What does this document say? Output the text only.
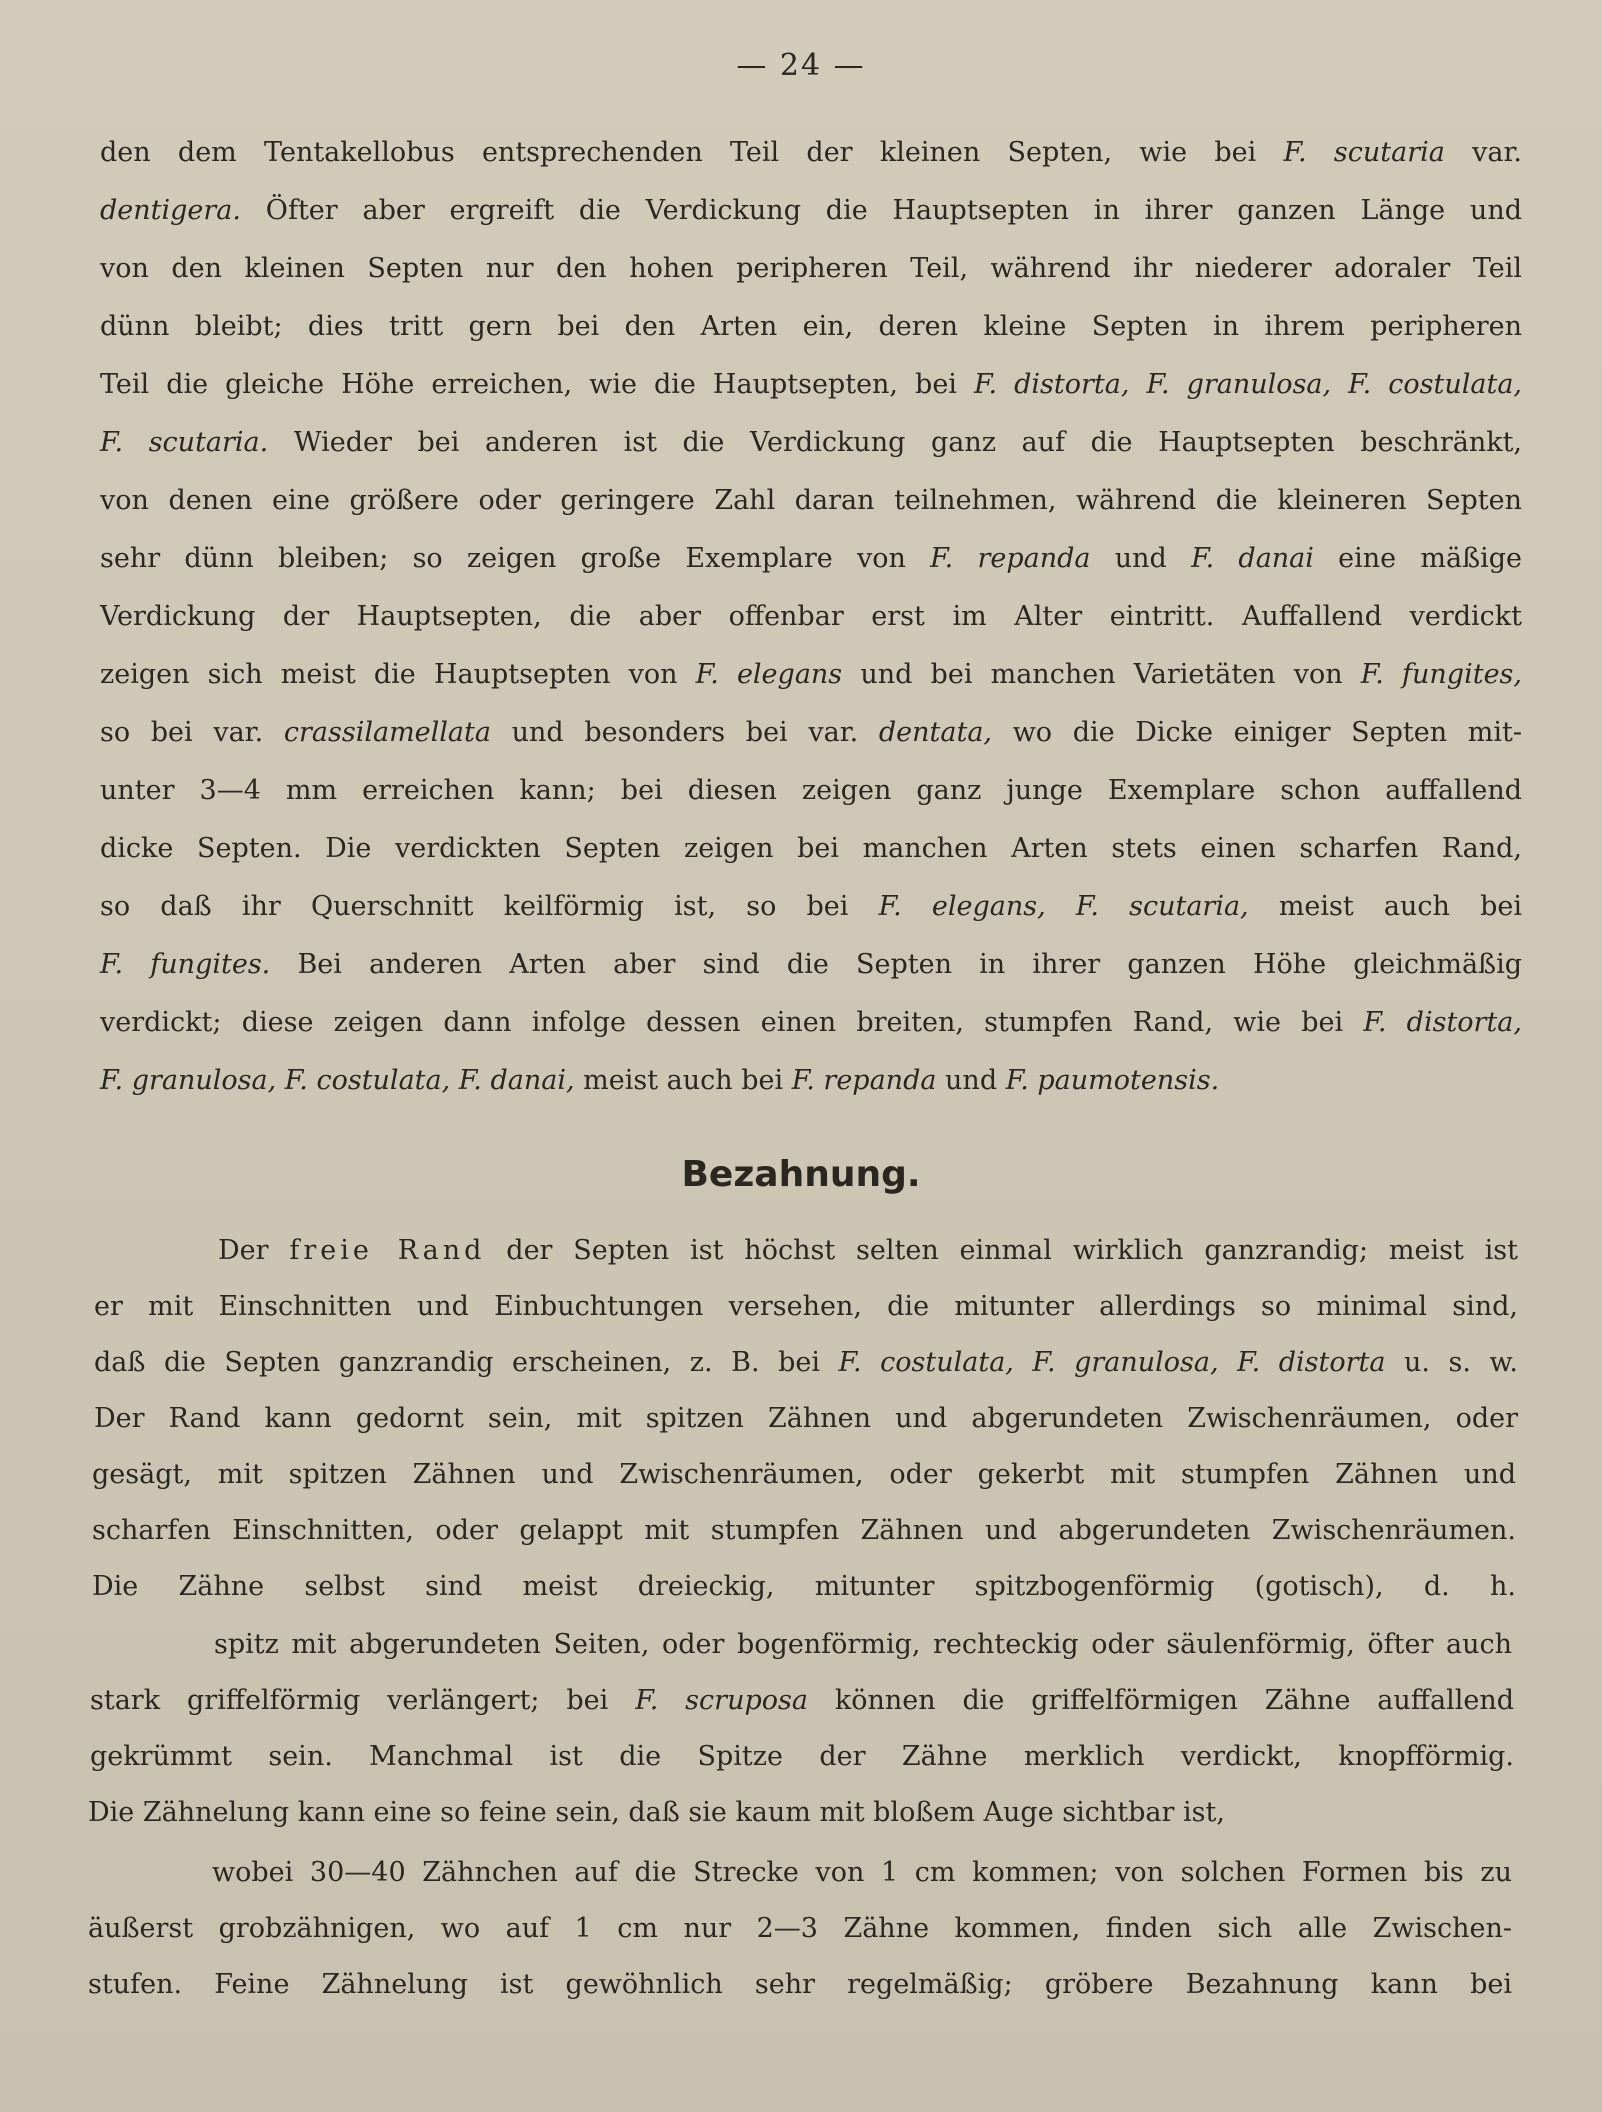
— 24 —
Bezahnung.
den dem Tentakellobus entsprechenden Teil der kleinen Septen, wie bei F. scutaria var.
dentigera. Öfter aber ergreift die Verdickung die Hauptsepten in ihrer ganzen Länge und
von den kleinen Septen nur den hohen peripheren Teil, während ihr niederer adoraler Teil
dünn bleibt; dies tritt gern bei den Arten ein, deren kleine Septen in ihrem peripheren
Teil die gleiche Höhe erreichen, wie die Hauptsepten, bei F. distorta, F. granulosa, F. costulata,
F. scutaria. Wieder bei anderen ist die Verdickung ganz auf die Hauptsepten beschränkt,
von denen eine größere oder geringere Zahl daran teilnehmen, während die kleineren Septen
sehr dünn bleiben; so zeigen große Exemplare von F. repanda und F. danai eine mäßige
Verdickung der Hauptsepten, die aber offenbar erst im Alter eintritt. Auffallend verdickt
zeigen sich meist die Hauptsepten von F. elegans und bei manchen Varietäten von F. fungites,
so bei var. crassilamellata und besonders bei var. dentata, wo die Dicke einiger Septen mit-
unter 3—4 mm erreichen kann; bei diesen zeigen ganz junge Exemplare schon auffallend
dicke Septen. Die verdickten Septen zeigen bei manchen Arten stets einen scharfen Rand,
so daß ihr Querschnitt keilförmig ist, so bei F. elegans, F. scutaria, meist auch bei
F. fungites. Bei anderen Arten aber sind die Septen in ihrer ganzen Höhe gleichmäßig
verdickt; diese zeigen dann infolge dessen einen breiten, stumpfen Rand, wie bei F. distorta,
F. granulosa, F. costulata, F. danai, meist auch bei F. repanda und F. paumotensis.
Der freie Rand der Septen ist höchst selten einmal wirklich ganzrandig; meist ist
er mit Einschnitten und Einbuchtungen versehen, die mitunter allerdings so minimal sind,
daß die Septen ganzrandig erscheinen, z. B. bei F. costulata, F. granulosa, F. distorta u. s. w.
Der Rand kann gedornt sein, mit spitzen Zähnen und abgerundeten Zwischenräumen, oder
gesägt, mit spitzen Zähnen und Zwischenräumen, oder gekerbt mit stumpfen Zähnen und
scharfen Einschnitten, oder gelappt mit stumpfen Zähnen und abgerundeten Zwischenräumen.
Die Zähne selbst sind meist dreieckig, mitunter spitzbogenförmig (gotisch), d. h.
spitz mit abgerundeten Seiten, oder bogenförmig, rechteckig oder säulenförmig, öfter auch
stark griffelförmig verlängert; bei F. scruposa können die griffelförmigen Zähne auffallend
gekrümmt sein. Manchmal ist die Spitze der Zähne merklich verdickt, knopfförmig.
Die Zähnelung kann eine so feine sein, daß sie kaum mit bloßem Auge sichtbar ist,
wobei 30—40 Zähnchen auf die Strecke von 1 cm kommen; von solchen Formen bis zu
äußerst grobzähnigen, wo auf 1 cm nur 2—3 Zähne kommen, finden sich alle Zwischen-
stufen. Feine Zähnelung ist gewöhnlich sehr regelmäßig; gröbere Bezahnung kann bei
